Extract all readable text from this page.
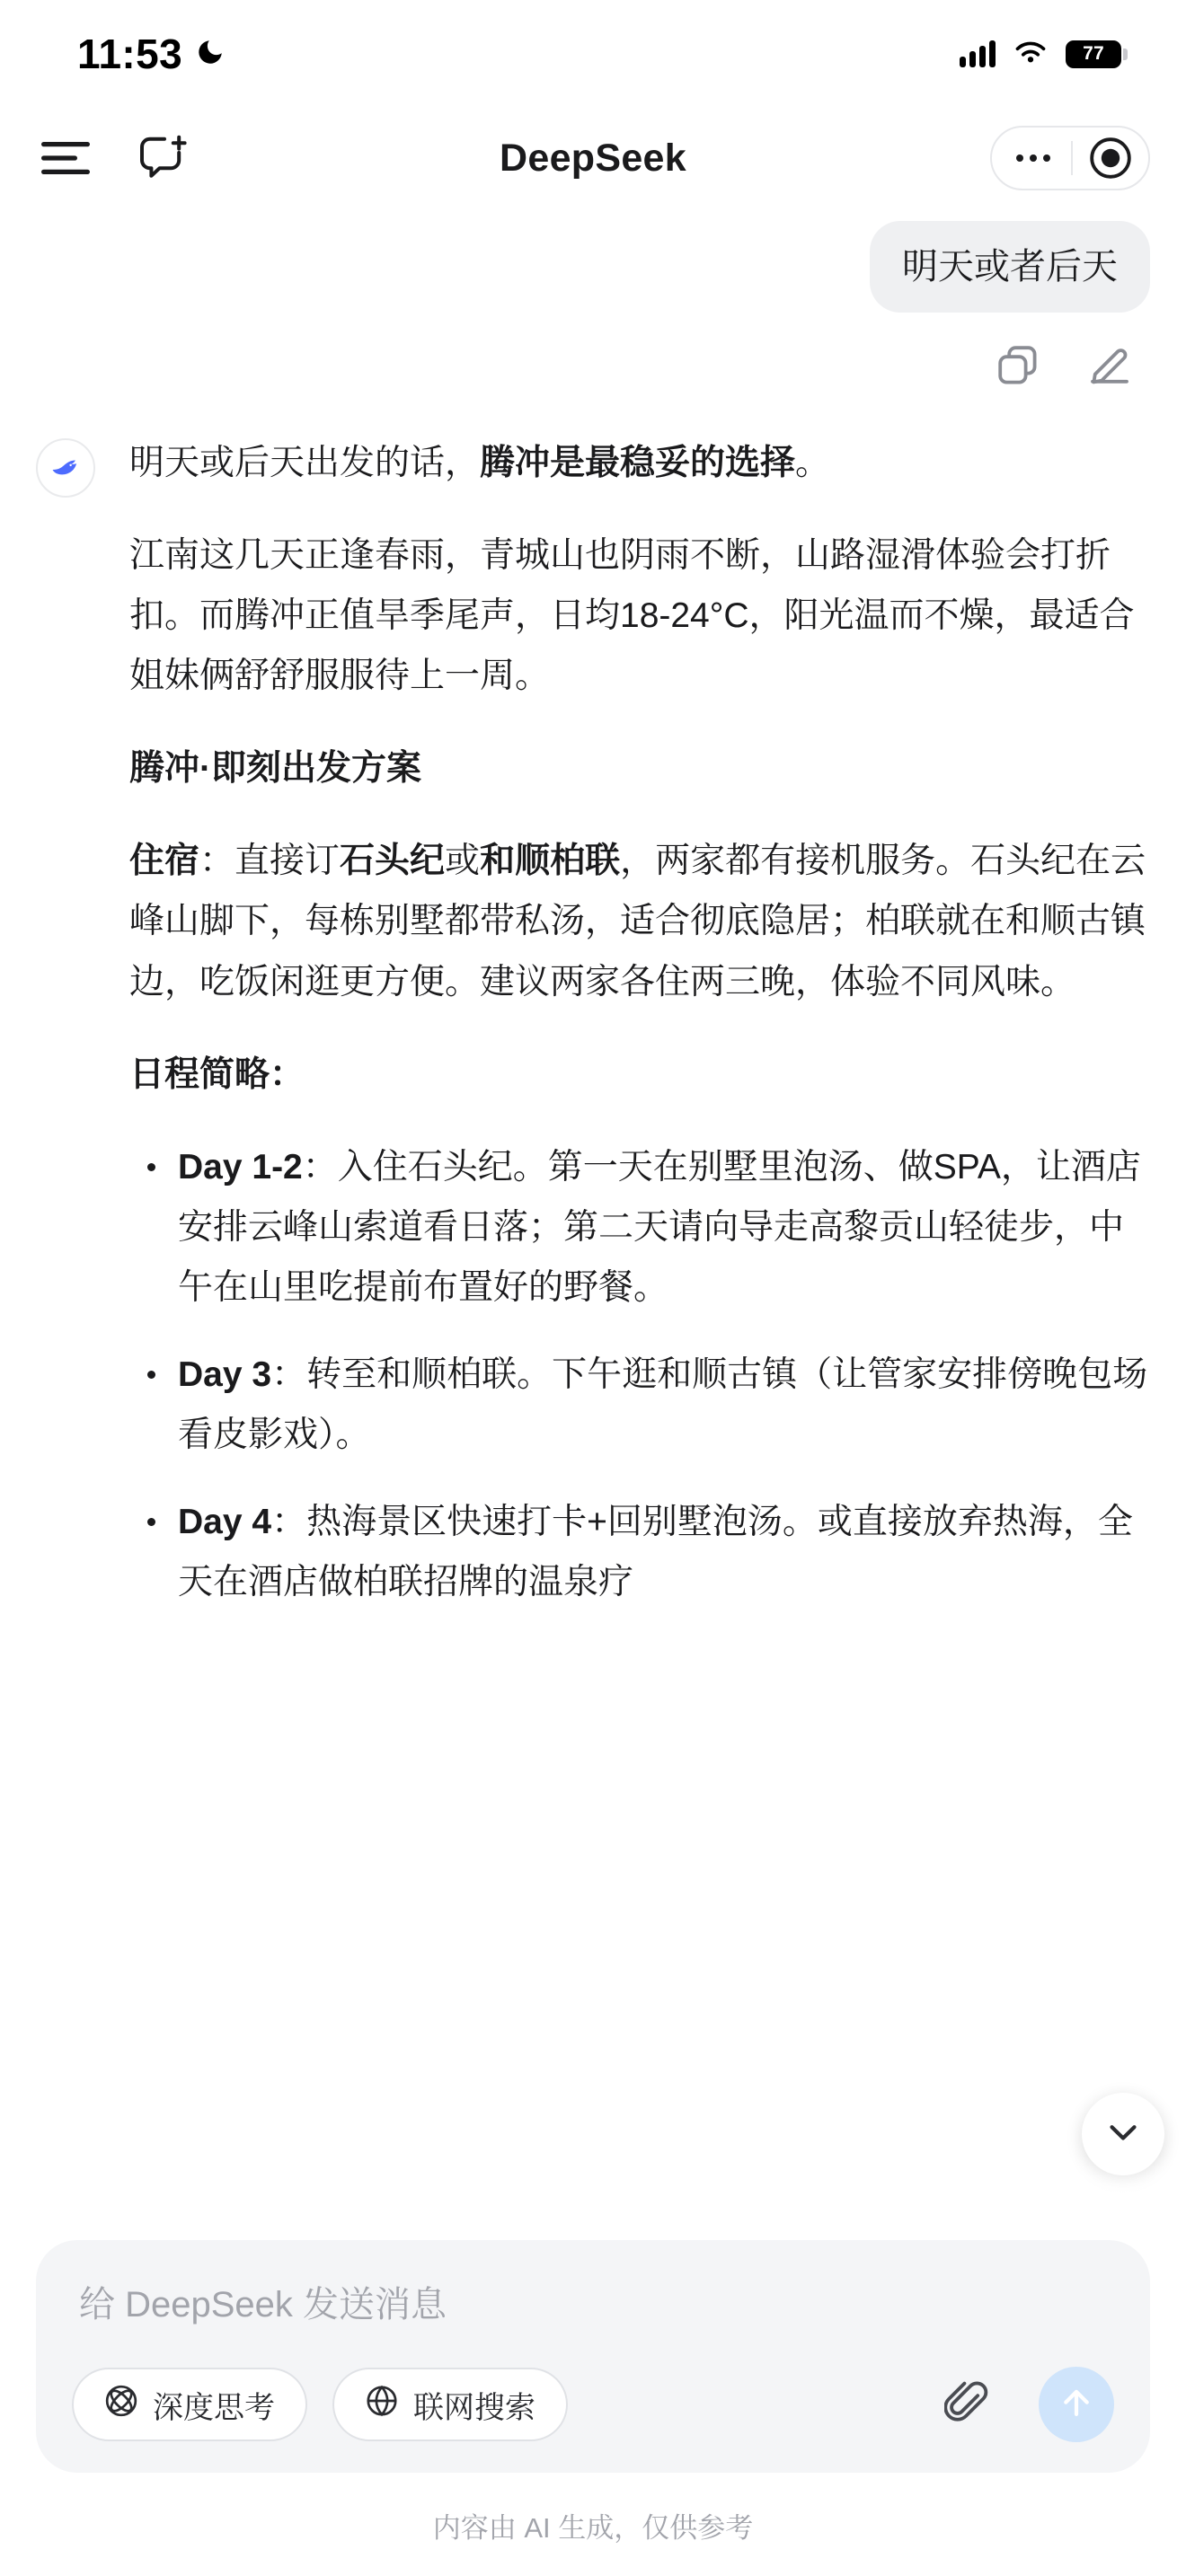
11:53	77
DeepSeek
明天或者后天

明天或后天出发的话，腾冲是最稳妥的选择。

江南这几天正逢春雨，青城山也阴雨不断，山路湿滑体验会打折扣。而腾冲正值旱季尾声，日均18-24°C，阳光温而不燥，最适合姐妹俩舒舒服服待上一周。

腾冲·即刻出发方案

住宿：直接订石头纪或和顺柏联，两家都有接机服务。石头纪在云峰山脚下，每栋别墅都带私汤，适合彻底隐居；柏联就在和顺古镇边，吃饭闲逛更方便。建议两家各住两三晚，体验不同风味。

日程简略：

Day 1-2：入住石头纪。第一天在别墅里泡汤、做SPA，让酒店安排云峰山索道看日落；第二天请向导走高黎贡山轻徒步，中午在山里吃提前布置好的野餐。
Day 3：转至和顺柏联。下午逛和顺古镇（让管家安排傍晚包场看皮影戏）。
Day 4：热海景区快速打卡+回别墅泡汤。或直接放弃热海，全天在酒店做柏联招牌的温泉疗
给 DeepSeek 发送消息
深度思考	联网搜索
内容由 AI 生成，仅供参考
